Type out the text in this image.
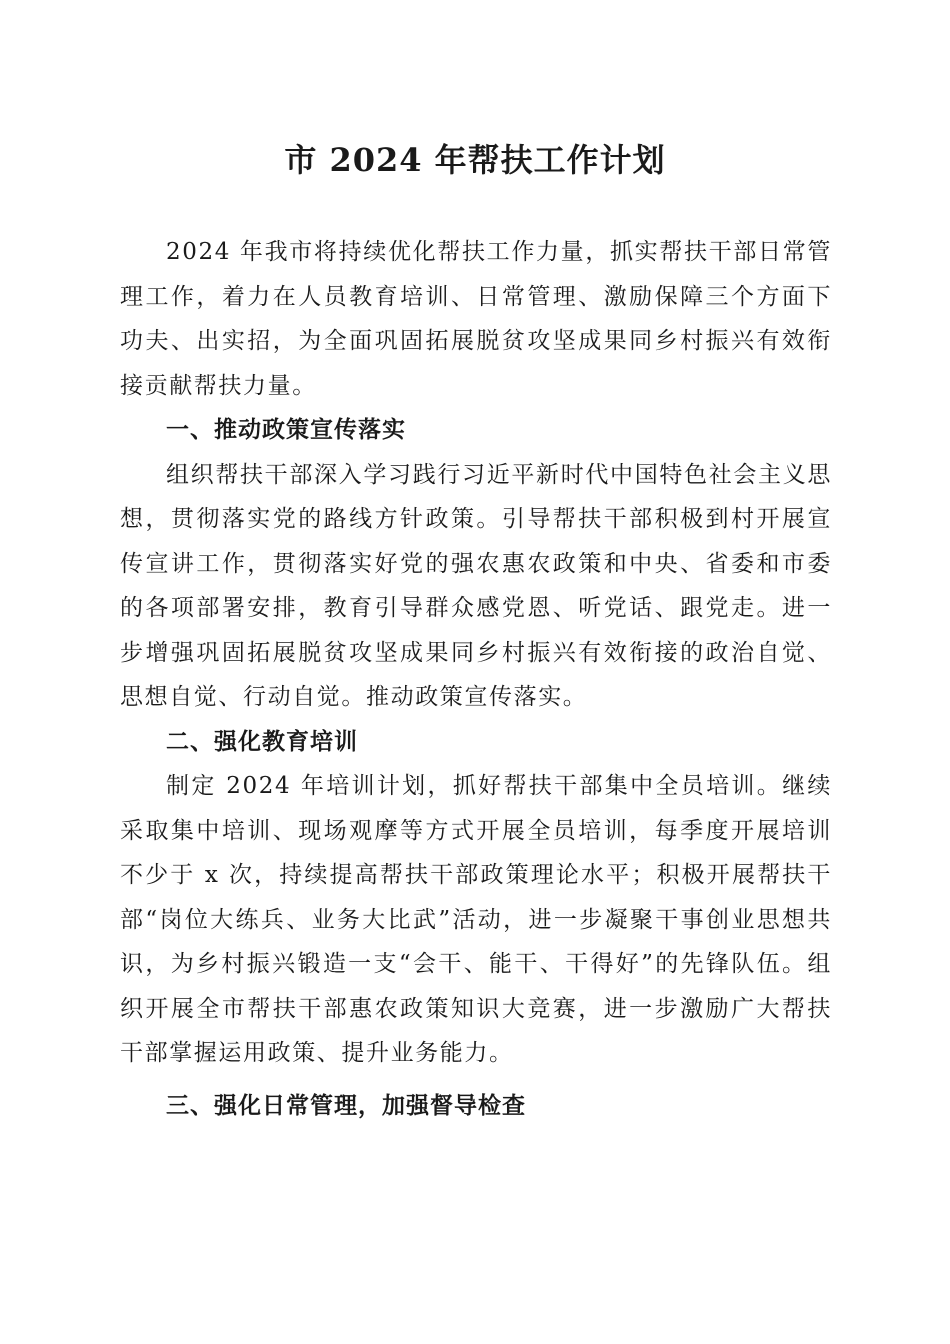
市 2024 年帮扶工作计划

2024 年我市将持续优化帮扶工作力量，抓实帮扶干部日常管理工作，着力在人员教育培训、日常管理、激励保障三个方面下功夫、出实招，为全面巩固拓展脱贫攻坚成果同乡村振兴有效衔接贡献帮扶力量。

一、推动政策宣传落实

组织帮扶干部深入学习践行习近平新时代中国特色社会主义思想，贯彻落实党的路线方针政策。引导帮扶干部积极到村开展宣传宣讲工作，贯彻落实好党的强农惠农政策和中央、省委和市委的各项部署安排，教育引导群众感党恩、听党话、跟党走。进一步增强巩固拓展脱贫攻坚成果同乡村振兴有效衔接的政治自觉、思想自觉、行动自觉。推动政策宣传落实。

二、强化教育培训

制定 2024 年培训计划，抓好帮扶干部集中全员培训。继续采取集中培训、现场观摩等方式开展全员培训，每季度开展培训不少于 x 次，持续提高帮扶干部政策理论水平；积极开展帮扶干部“岗位大练兵、业务大比武”活动，进一步凝聚干事创业思想共识，为乡村振兴锻造一支“会干、能干、干得好”的先锋队伍。组织开展全市帮扶干部惠农政策知识大竞赛，进一步激励广大帮扶干部掌握运用政策、提升业务能力。

三、强化日常管理，加强督导检查
